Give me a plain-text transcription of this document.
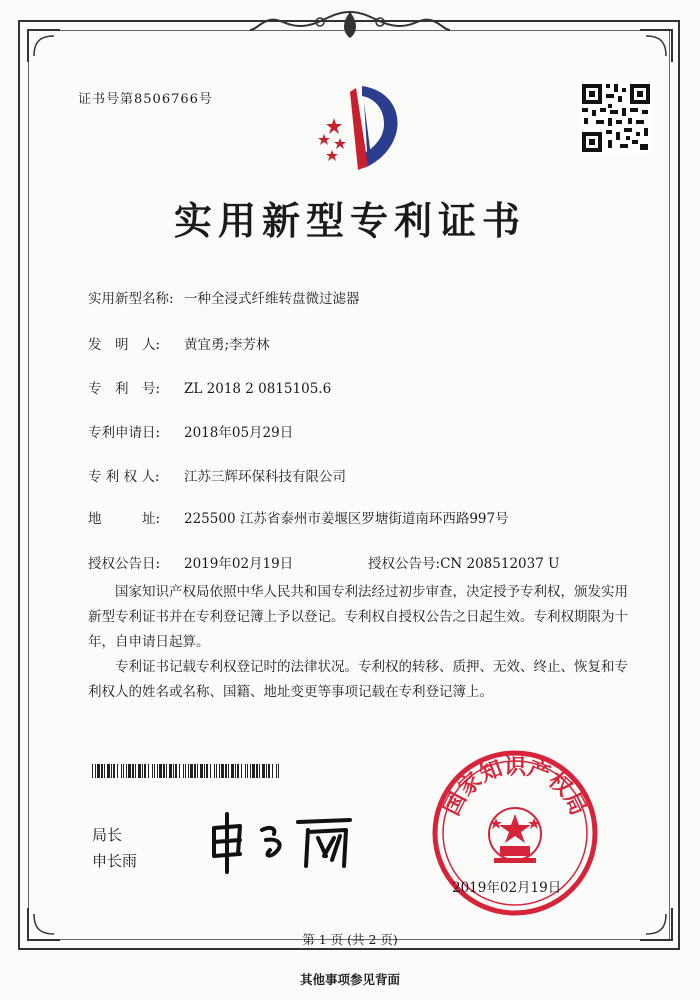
证书号第8506766号
实用新型专利证书
实用新型名称: 一种全浸式纤维转盘微过滤器
发　明　人: 黄宜勇;李芳林
专　利　号: ZL 2018 2 0815105.6
专利申请日: 2018年05月29日
专 利 权 人: 江苏三辉环保科技有限公司
地　　　址: 225500 江苏省泰州市姜堰区罗塘街道南环西路997号
授权公告日: 2019年02月19日	授权公告号:CN 208512037 U
国家知识产权局依照中华人民共和国专利法经过初步审查，决定授予专利权，颁发实用新型专利证书并在专利登记簿上予以登记。专利权自授权公告之日起生效。专利权期限为十年，自申请日起算。
专利证书记载专利权登记时的法律状况。专利权的转移、质押、无效、终止、恢复和专利权人的姓名或名称、国籍、地址变更等事项记载在专利登记簿上。
局长
申长雨
国家知识产权局
2019年02月19日
第 1 页 (共 2 页)
其他事项参见背面
